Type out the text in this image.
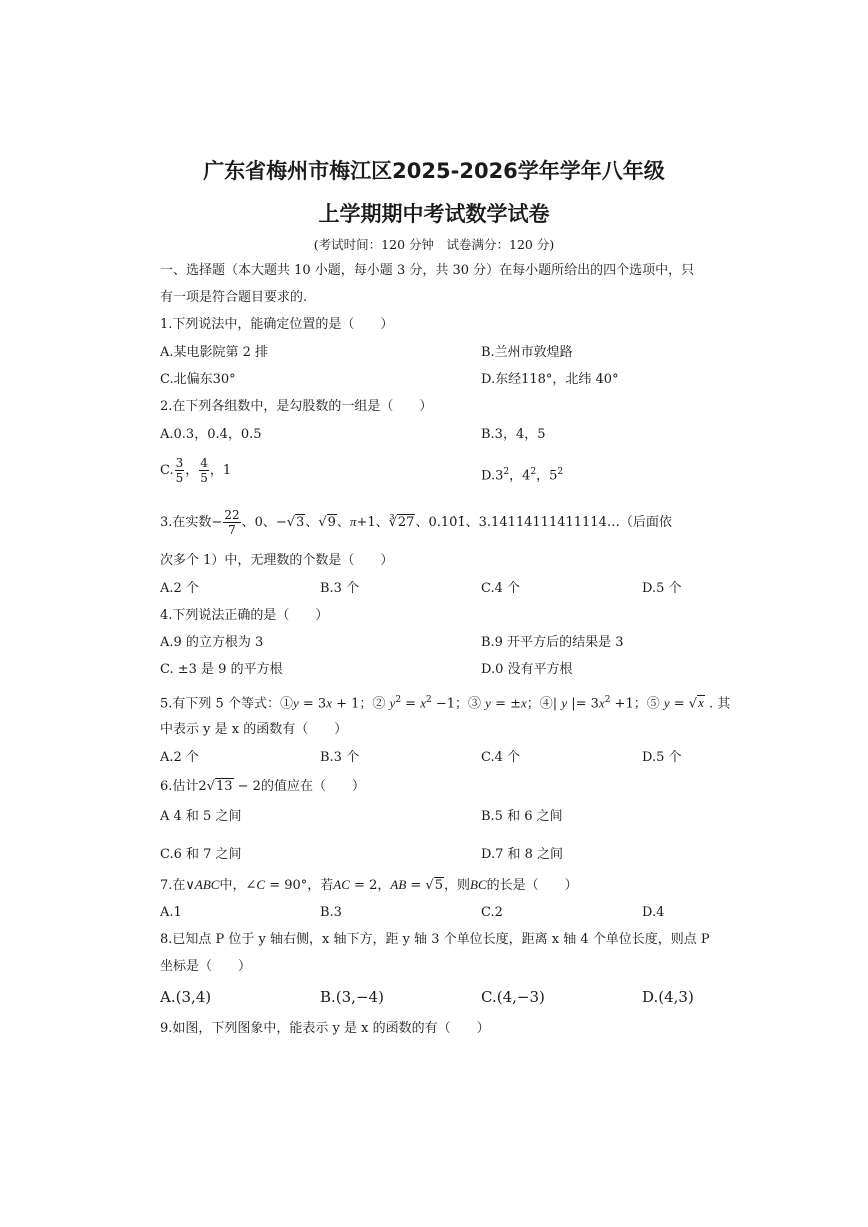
广东省梅州市梅江区2025-2026学年学年八年级
上学期期中考试数学试卷
(考试时间：120 分钟　试卷满分：120 分)
一、选择题（本大题共 10 小题，每小题 3 分，共 30 分）在每小题所给出的四个选项中，只
有一项是符合题目要求的.
1.下列说法中，能确定位置的是（　　）
A.某电影院第 2 排	B.兰州市敦煌路
C.北偏东30°	D.东经118°，北纬 40°
2.在下列各组数中，是勾股数的一组是（　　）
A.0.3，0.4，0.5	B.3，4，5
C. $\frac{3}{5}$ ， $\frac{4}{5}$ ，1	$D.3^2$，$4^2$，$5^2$
3.在实数− $\frac{22}{7}$ 、0、−√3、√9、π+1、∛27、0.10̇1̇、3.14114111411114…（后面依
次多个 1）中，无理数的个数是（　　）
A.2 个	B.3 个	C.4 个	D.5 个
4.下列说法正确的是（　　）
A.9 的立方根为 3	B.9 开平方后的结果是 3
C. ±3 是 9 的平方根	D.0 没有平方根
5.有下列 5 个等式：①y = 3x + 1；② $y^2 = x^2 -1$；③ y = ±x；④| y |= $3x^2 +1$；⑤ y = √x . 其
中表示 y 是 x 的函数有（　　）
A.2 个	B.3 个	C.4 个	D.5 个
6.估计2√13 − 2的值应在（　　）
A 4 和 5 之间	B.5 和 6 之间
C.6 和 7 之间	D.7 和 8 之间
7.在∨ABC中，∠C = 90°，若AC = 2，AB = √5，则BC的长是（　　）
A.1	B.3	C.2	D.4
8.已知点 P 位于 y 轴右侧，x 轴下方，距 y 轴 3 个单位长度，距离 x 轴 4 个单位长度，则点 P
坐标是（　　）
A.(3,4)	B.(3,−4)	C.(4,−3)	D.(4,3)
9.如图，下列图象中，能表示 y 是 x 的函数的有（　　）
